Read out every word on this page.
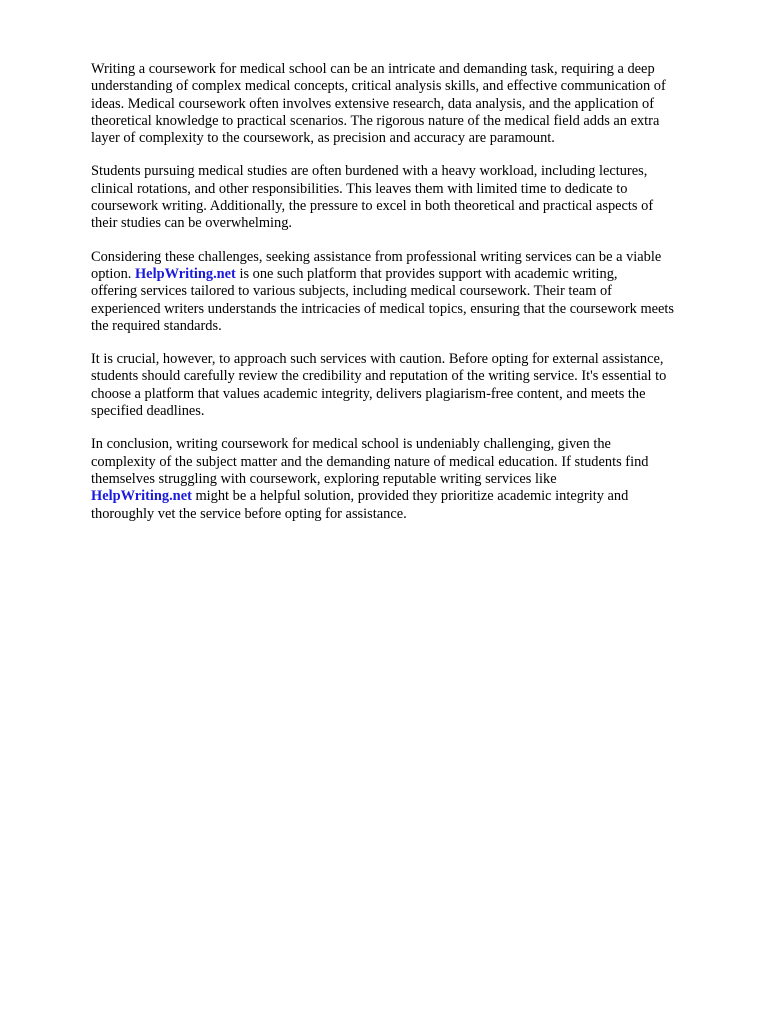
Writing a coursework for medical school can be an intricate and demanding task, requiring a deep
understanding of complex medical concepts, critical analysis skills, and effective communication of
ideas. Medical coursework often involves extensive research, data analysis, and the application of
theoretical knowledge to practical scenarios. The rigorous nature of the medical field adds an extra
layer of complexity to the coursework, as precision and accuracy are paramount.

Students pursuing medical studies are often burdened with a heavy workload, including lectures,
clinical rotations, and other responsibilities. This leaves them with limited time to dedicate to
coursework writing. Additionally, the pressure to excel in both theoretical and practical aspects of
their studies can be overwhelming.

Considering these challenges, seeking assistance from professional writing services can be a viable
option. HelpWriting.net is one such platform that provides support with academic writing,
offering services tailored to various subjects, including medical coursework. Their team of
experienced writers understands the intricacies of medical topics, ensuring that the coursework meets
the required standards.

It is crucial, however, to approach such services with caution. Before opting for external assistance,
students should carefully review the credibility and reputation of the writing service. It's essential to
choose a platform that values academic integrity, delivers plagiarism-free content, and meets the
specified deadlines.

In conclusion, writing coursework for medical school is undeniably challenging, given the
complexity of the subject matter and the demanding nature of medical education. If students find
themselves struggling with coursework, exploring reputable writing services like
HelpWriting.net might be a helpful solution, provided they prioritize academic integrity and
thoroughly vet the service before opting for assistance.
